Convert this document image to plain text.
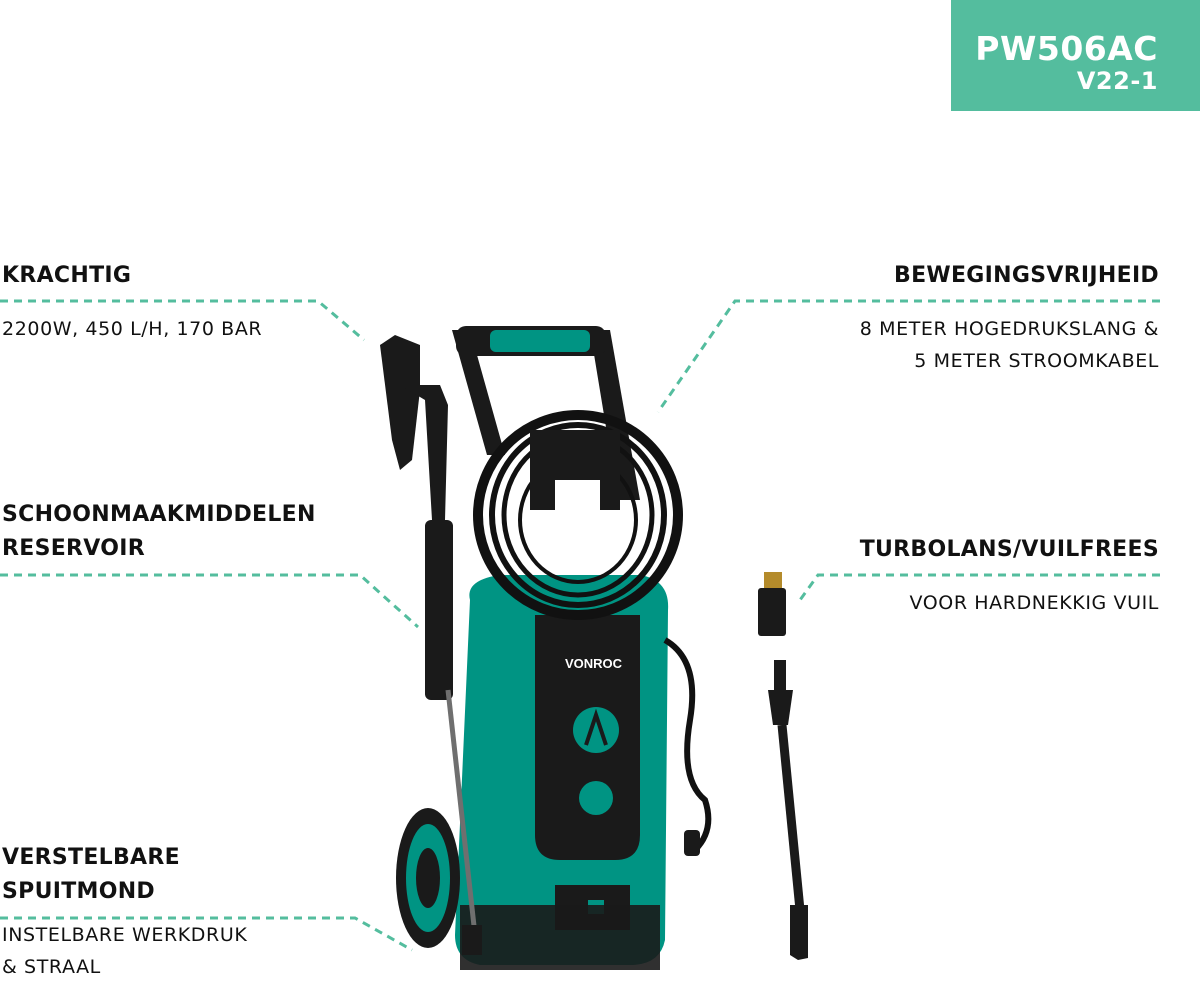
PW506AC
V22-1
KRACHTIG
2200W, 450 L/H, 170 BAR
SCHOONMAAKMIDDELEN
RESERVOIR
VERSTELBARE
SPUITMOND
INSTELBARE WERKDRUK
& STRAAL
BEWEGINGSVRIJHEID
8 METER HOGEDRUKSLANG &
5 METER STROOMKABEL
TURBOLANS/VUILFREES
VOOR HARDNEKKIG VUIL
VONROC
